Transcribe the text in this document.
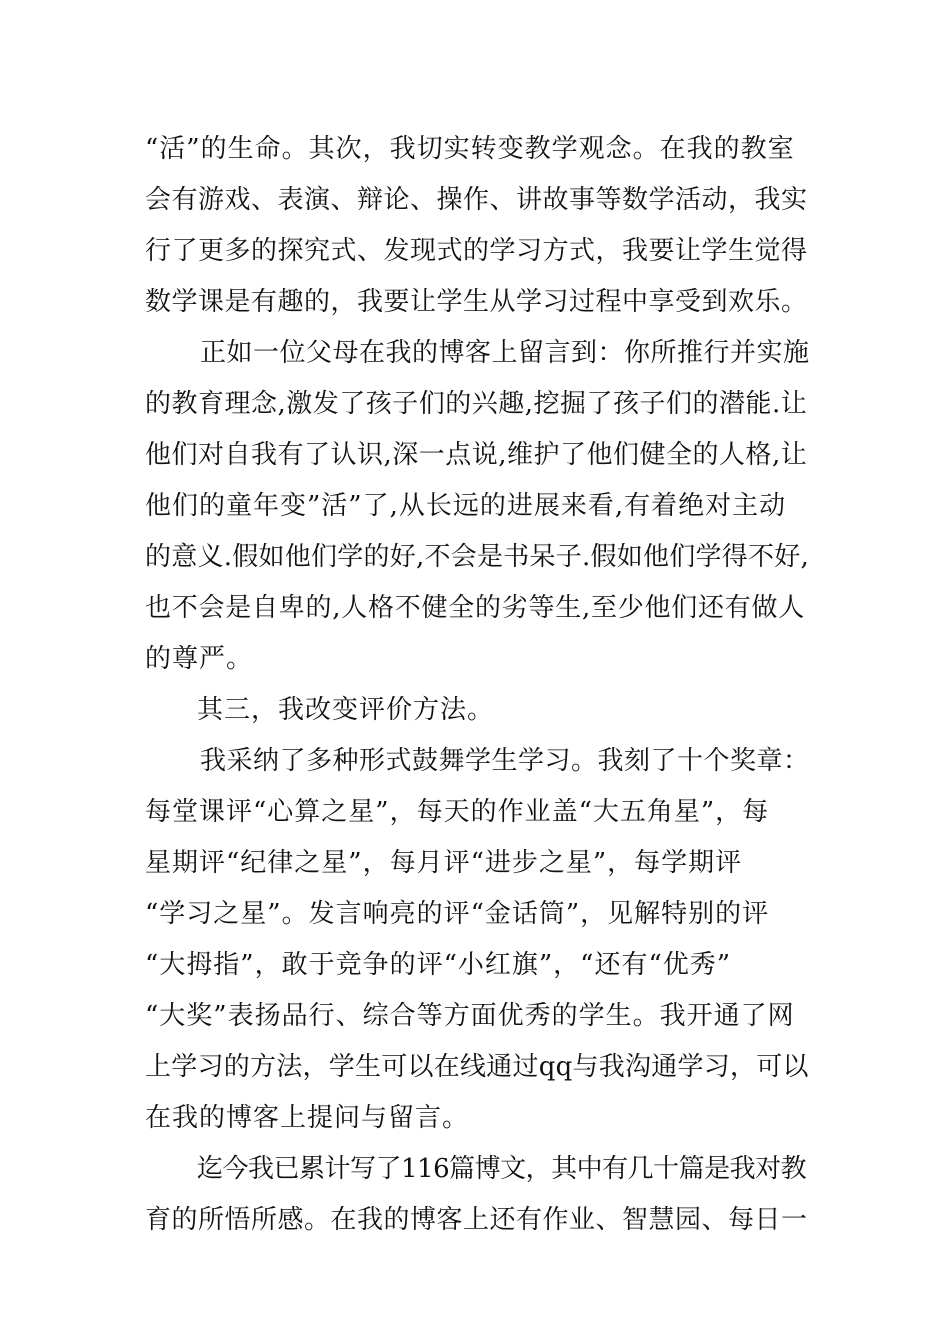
“活”的生命。其次，我切实转变教学观念。在我的教室
会有游戏、表演、辩论、操作、讲故事等数学活动，我实
行了更多的探究式、发现式的学习方式，我要让学生觉得
数学课是有趣的，我要让学生从学习过程中享受到欢乐。
正如一位父母在我的博客上留言到：你所推行并实施
的教育理念,激发了孩子们的兴趣,挖掘了孩子们的潜能.让
他们对自我有了认识,深一点说,维护了他们健全的人格,让
他们的童年变”活”了,从长远的进展来看,有着绝对主动
的意义.假如他们学的好,不会是书呆子.假如他们学得不好,
也不会是自卑的,人格不健全的劣等生,至少他们还有做人
的尊严。
其三，我改变评价方法。
我采纳了多种形式鼓舞学生学习。我刻了十个奖章：
每堂课评“心算之星”，每天的作业盖“大五角星”，每
星期评“纪律之星”，每月评“进步之星”，每学期评
“学习之星”。发言响亮的评“金话筒”，见解特别的评
“大拇指”，敢于竞争的评“小红旗”，“还有“优秀”
“大奖”表扬品行、综合等方面优秀的学生。我开通了网
上学习的方法，学生可以在线通过qq与我沟通学习，可以
在我的博客上提问与留言。
迄今我已累计写了116篇博文，其中有几十篇是我对教
育的所悟所感。在我的博客上还有作业、智慧园、每日一
